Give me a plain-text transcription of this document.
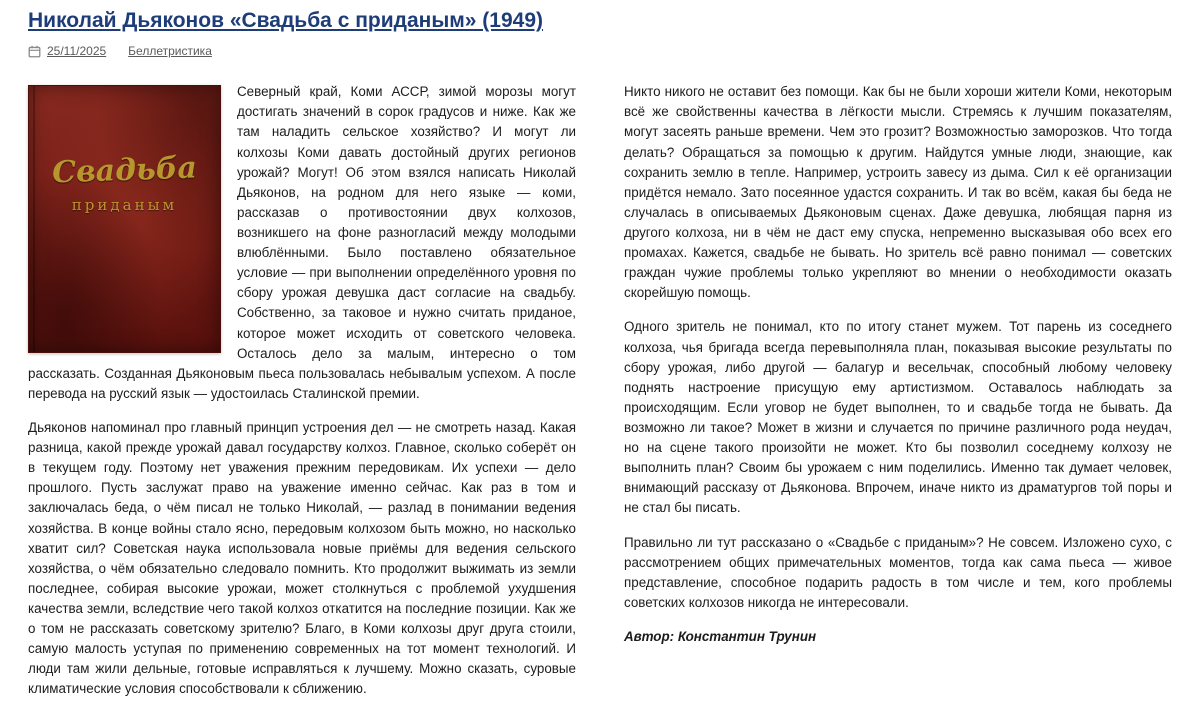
Николай Дьяконов «Свадьба с приданым» (1949)
25/11/2025 Беллетристика
Свадьба
приданым

Северный край, Коми АССР, зимой морозы могут достигать значений в сорок градусов и ниже. Как же там наладить сельское хозяйство? И могут ли колхозы Коми давать достойный других регионов урожай? Могут! Об этом взялся написать Николай Дьяконов, на родном для него языке — коми, рассказав о противостоянии двух колхозов, возникшего на фоне разногласий между молодыми влюблёнными. Было поставлено обязательное условие — при выполнении определённого уровня по сбору урожая девушка даст согласие на свадьбу. Собственно, за таковое и нужно считать приданое, которое может исходить от советского человека. Осталось дело за малым, интересно о том рассказать. Созданная Дьяконовым пьеса пользовалась небывалым успехом. А после перевода на русский язык — удостоилась Сталинской премии.

Дьяконов напоминал про главный принцип устроения дел — не смотреть назад. Какая разница, какой прежде урожай давал государству колхоз. Главное, сколько соберёт он в текущем году. Поэтому нет уважения прежним передовикам. Их успехи — дело прошлого. Пусть заслужат право на уважение именно сейчас. Как раз в том и заключалась беда, о чём писал не только Николай, — разлад в понимании ведения хозяйства. В конце войны стало ясно, передовым колхозом быть можно, но насколько хватит сил? Советская наука использовала новые приёмы для ведения сельского хозяйства, о чём обязательно следовало помнить. Кто продолжит выжимать из земли последнее, собирая высокие урожаи, может столкнуться с проблемой ухудшения качества земли, вследствие чего такой колхоз откатится на последние позиции. Как же о том не рассказать советскому зрителю? Благо, в Коми колхозы друг друга стоили, самую малость уступая по применению современных на тот момент технологий. И люди там жили дельные, готовые исправляться к лучшему. Можно сказать, суровые климатические условия способствовали к сближению.

Никто никого не оставит без помощи. Как бы не были хороши жители Коми, некоторым всё же свойственны качества в лёгкости мысли. Стремясь к лучшим показателям, могут засеять раньше времени. Чем это грозит? Возможностью заморозков. Что тогда делать? Обращаться за помощью к другим. Найдутся умные люди, знающие, как сохранить землю в тепле. Например, устроить завесу из дыма. Сил к её организации придётся немало. Зато посеянное удастся сохранить. И так во всём, какая бы беда не случалась в описываемых Дьяконовым сценах. Даже девушка, любящая парня из другого колхоза, ни в чём не даст ему спуска, непременно высказывая обо всех его промахах. Кажется, свадьбе не бывать. Но зритель всё равно понимал — советских граждан чужие проблемы только укрепляют во мнении о необходимости оказать скорейшую помощь.

Одного зритель не понимал, кто по итогу станет мужем. Тот парень из соседнего колхоза, чья бригада всегда перевыполняла план, показывая высокие результаты по сбору урожая, либо другой — балагур и весельчак, способный любому человеку поднять настроение присущую ему артистизмом. Оставалось наблюдать за происходящим. Если уговор не будет выполнен, то и свадьбе тогда не бывать. Да возможно ли такое? Может в жизни и случается по причине различного рода неудач, но на сцене такого произойти не может. Кто бы позволил соседнему колхозу не выполнить план? Своим бы урожаем с ним поделились. Именно так думает человек, внимающий рассказу от Дьяконова. Впрочем, иначе никто из драматургов той поры и не стал бы писать.

Правильно ли тут рассказано о «Свадьбе с приданым»? Не совсем. Изложено сухо, с рассмотрением общих примечательных моментов, тогда как сама пьеса — живое представление, способное подарить радость в том числе и тем, кого проблемы советских колхозов никогда не интересовали.

Автор: Константин Трунин
